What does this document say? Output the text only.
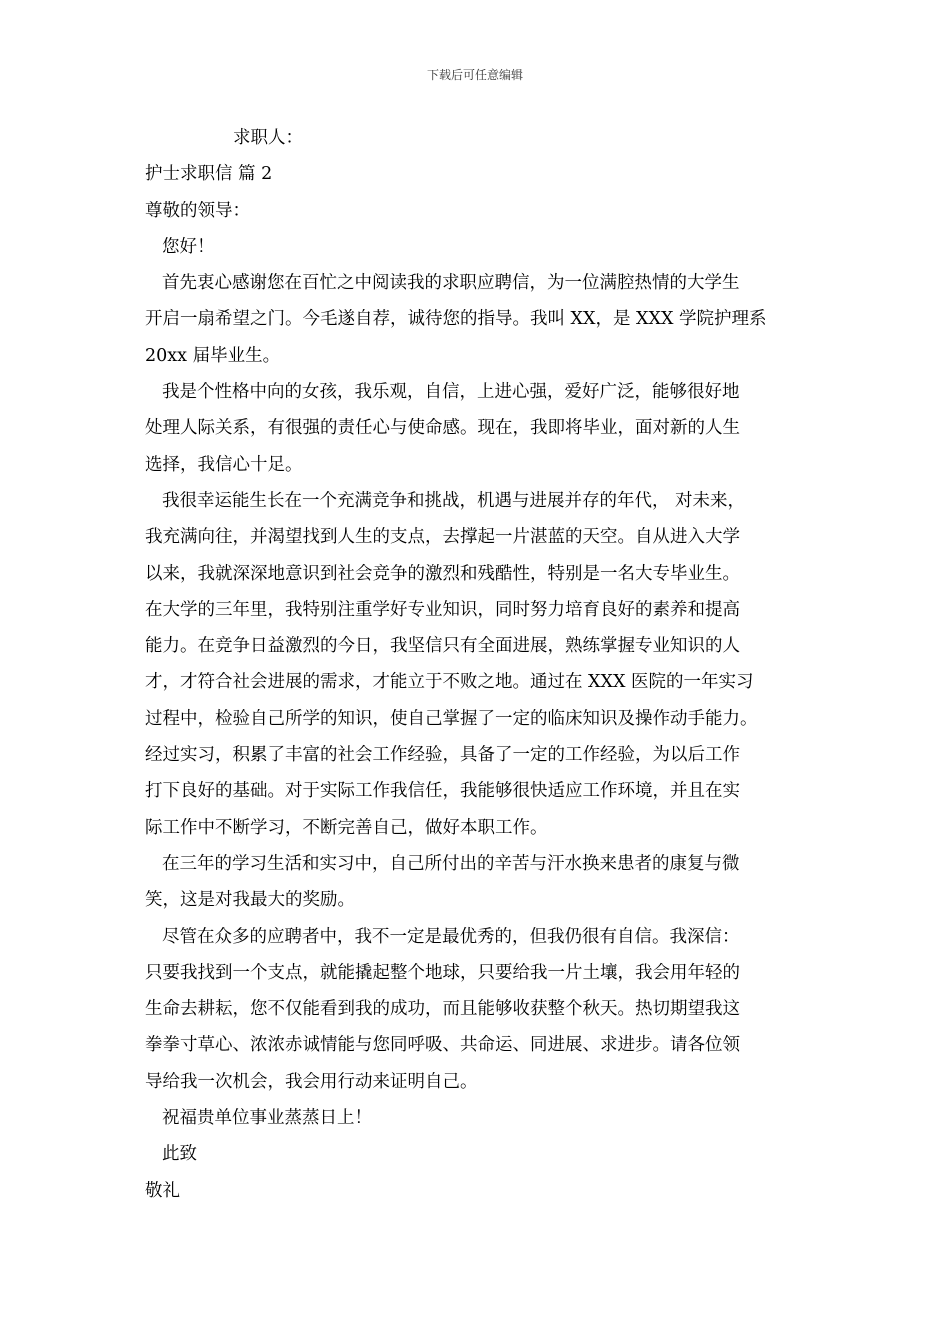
下载后可任意编辑
求职人：
护士求职信 篇 2
尊敬的领导：
您好！
首先衷心感谢您在百忙之中阅读我的求职应聘信，为一位满腔热情的大学生
开启一扇希望之门。今毛遂自荐，诚待您的指导。我叫 XX，是 XXX 学院护理系
20xx 届毕业生。
我是个性格中向的女孩，我乐观，自信，上进心强，爱好广泛，能够很好地
处理人际关系，有很强的责任心与使命感。现在，我即将毕业，面对新的人生
选择，我信心十足。
我很幸运能生长在一个充满竞争和挑战，机遇与进展并存的年代， 对未来，
我充满向往，并渴望找到人生的支点，去撑起一片湛蓝的天空。自从进入大学
以来，我就深深地意识到社会竞争的激烈和残酷性，特别是一名大专毕业生。
在大学的三年里，我特别注重学好专业知识，同时努力培育良好的素养和提高
能力。在竞争日益激烈的今日，我坚信只有全面进展，熟练掌握专业知识的人
才，才符合社会进展的需求，才能立于不败之地。通过在 XXX 医院的一年实习
过程中，检验自己所学的知识，使自己掌握了一定的临床知识及操作动手能力。
经过实习，积累了丰富的社会工作经验，具备了一定的工作经验，为以后工作
打下良好的基础。对于实际工作我信任，我能够很快适应工作环境，并且在实
际工作中不断学习，不断完善自己，做好本职工作。
在三年的学习生活和实习中，自己所付出的辛苦与汗水换来患者的康复与微
笑，这是对我最大的奖励。
尽管在众多的应聘者中，我不一定是最优秀的，但我仍很有自信。我深信：
只要我找到一个支点，就能撬起整个地球，只要给我一片土壤，我会用年轻的
生命去耕耘，您不仅能看到我的成功，而且能够收获整个秋天。热切期望我这
拳拳寸草心、浓浓赤诚情能与您同呼吸、共命运、同进展、求进步。请各位领
导给我一次机会，我会用行动来证明自己。
祝福贵单位事业蒸蒸日上！
此致
敬礼
